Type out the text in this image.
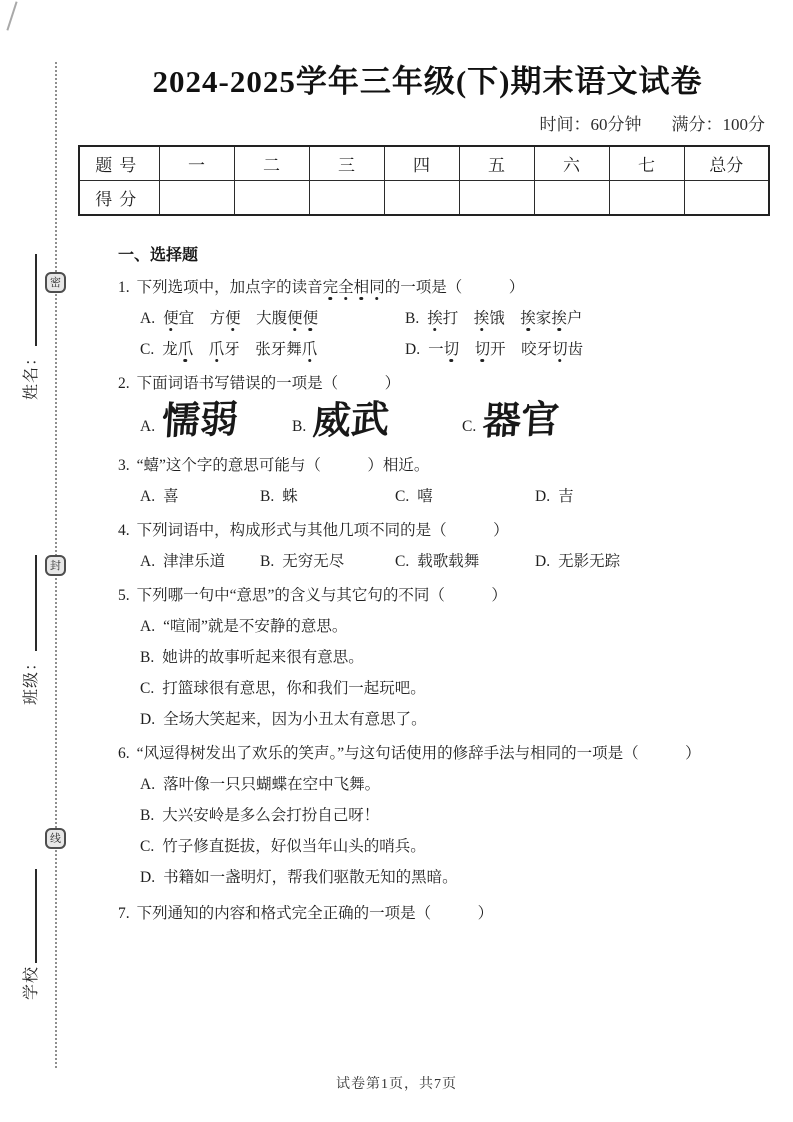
密
封
线
姓名：
班级：
学校
2024-2025学年三年级(下)期末语文试卷
时间：60分钟 满分：100分
题号	一	二	三	四	五	六	七	总分
得分								
一、选择题
1. 下列选项中，加点字的读音完全相同的一项是（　　　）
A. 便宜　方便　大腹便便	B. 挨打　挨饿　挨家挨户
C. 龙爪　 爪牙　张牙舞爪	D. 一切　 切开　咬牙切齿
2. 下面词语书写错误的一项是（　　　）
A. 懦弱	B. 威武	C. 器官
3. “蟢”这个字的意思可能与（　　　）相近。
A. 喜	B. 蛛	C. 嘻	D. 吉
4. 下列词语中，构成形式与其他几项不同的是（　　　）
A. 津津乐道	B. 无穷无尽	C. 载歌载舞	D. 无影无踪
5. 下列哪一句中“意思”的含义与其它句的不同（　　　）
A. “喧闹”就是不安静的意思。
B. 她讲的故事听起来很有意思。
C. 打篮球很有意思，你和我们一起玩吧。
D. 全场大笑起来，因为小丑太有意思了。
6. “风逗得树发出了欢乐的笑声。”与这句话使用的修辞手法与相同的一项是（　　　）
A. 落叶像一只只蝴蝶在空中飞舞。
B. 大兴安岭是多么会打扮自己呀！
C. 竹子修直挺拔，好似当年山头的哨兵。
D. 书籍如一盏明灯，帮我们驱散无知的黑暗。
7. 下列通知的内容和格式完全正确的一项是（　　　）
试卷第1页，共7页
